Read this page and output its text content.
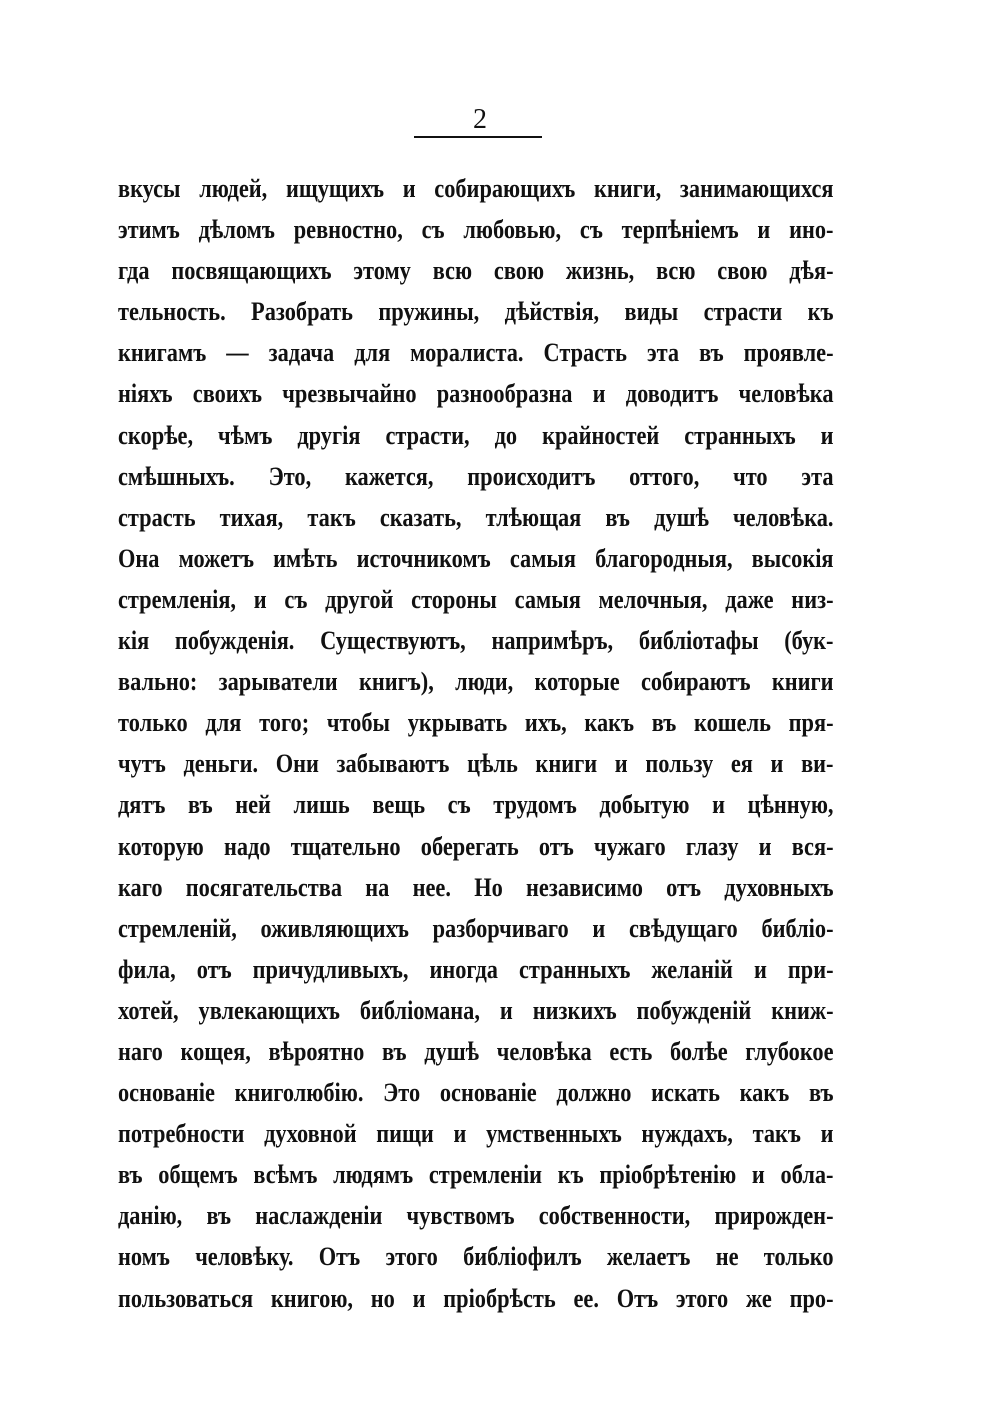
2
вкусы людей, ищущихъ и собирающихъ книги, занимающихся
этимъ дѣломъ ревностно, съ любовью, съ терпѣніемъ и ино-
гда посвящающихъ этому всю свою жизнь, всю свою дѣя-
тельность. Разобрать пружины, дѣйствія, виды страсти къ
книгамъ — задача для моралиста. Страсть эта въ проявле-
ніяхъ своихъ чрезвычайно разнообразна и доводитъ человѣка
скорѣе, чѣмъ другія страсти, до крайностей странныхъ и
смѣшныхъ. Это, кажется, происходитъ оттого, что эта
страсть тихая, такъ сказать, тлѣющая въ душѣ человѣка.
Она можетъ имѣть источникомъ самыя благородныя, высокія
стремленія, и съ другой стороны самыя мелочныя, даже низ-
кія побужденія. Существуютъ, напримѣръ, библіотафы (бук-
вально: зарыватели книгъ), люди, которые собираютъ книги
только для того; чтобы укрывать ихъ, какъ въ кошель пря-
чутъ деньги. Они забываютъ цѣль книги и пользу ея и ви-
дятъ въ ней лишь вещь съ трудомъ добытую и цѣнную,
которую надо тщательно оберегать отъ чужаго глазу и вся-
каго посягательства на нее. Но независимо отъ духовныхъ
стремленій, оживляющихъ разборчиваго и свѣдущаго библіо-
фила, отъ причудливыхъ, иногда странныхъ желаній и при-
хотей, увлекающихъ библіомана, и низкихъ побужденій книж-
наго кощея, вѣроятно въ душѣ человѣка есть болѣе глубокое
основаніе книголюбію. Это основаніе должно искать какъ въ
потребности духовной пищи и умственныхъ нуждахъ, такъ и
въ общемъ всѣмъ людямъ стремленіи къ пріобрѣтенію и обла-
данію, въ наслажденіи чувствомъ собственности, прирожден-
номъ человѣку. Отъ этого библіофилъ желаетъ не только
пользоваться книгою, но и пріобрѣсть ее. Отъ этого же про-
